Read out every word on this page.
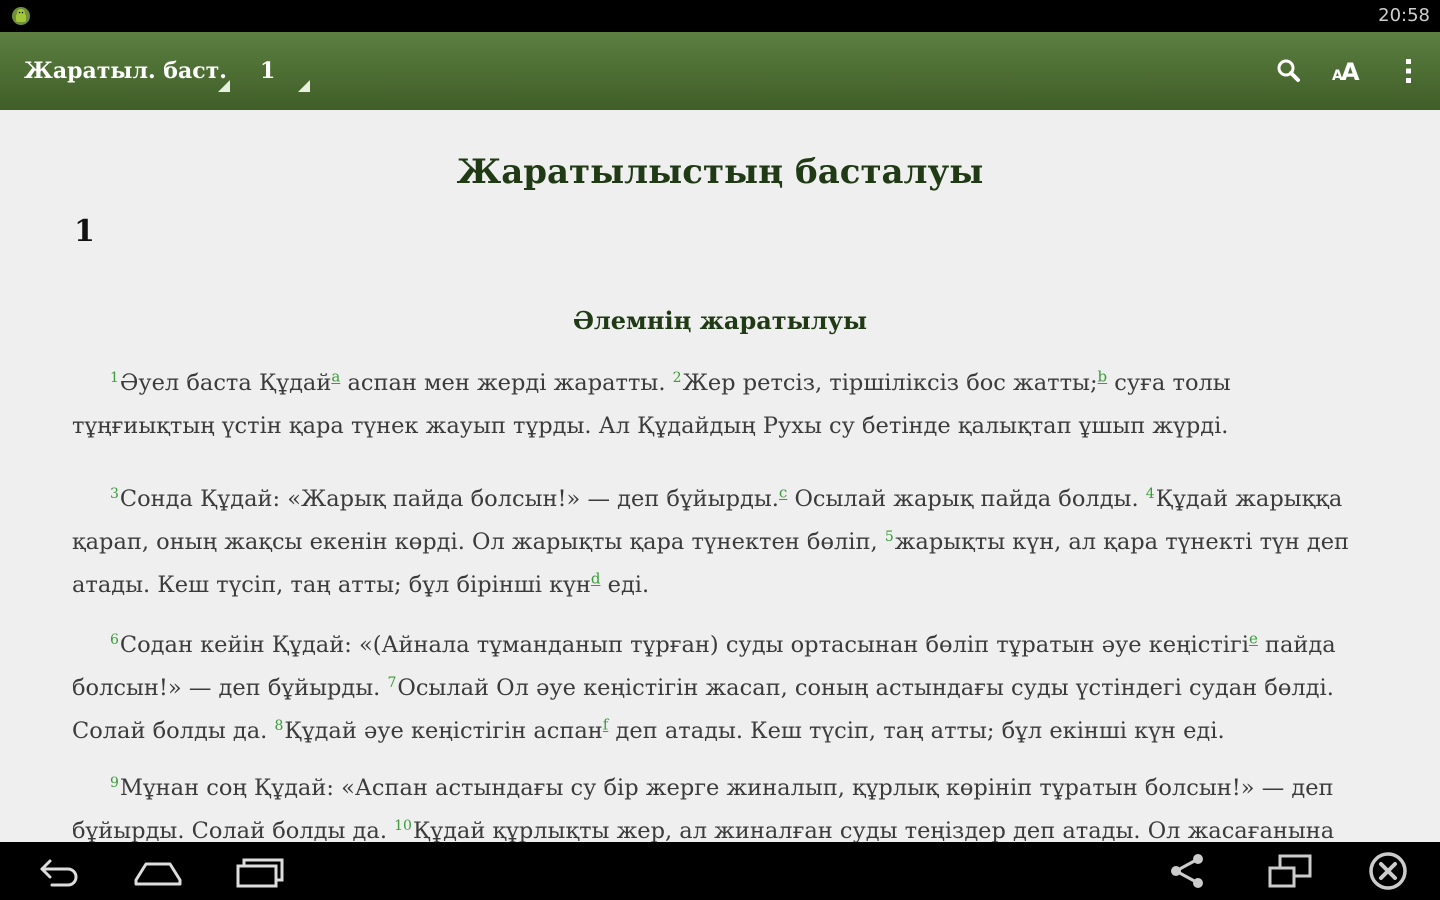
20:58
Жаратыл. баст.	1	A
A
Жаратылыстың басталуы
1
Әлемнің жаратылуы

$^1$Әуел баста Құдай$^a$ аспан мен жерді жаратты. $^2$Жер ретсіз, тіршіліксіз бос жатты;$^b$ суға толы тұңғиықтың үстін қара түнек жауып тұрды. Ал Құдайдың Рухы су бетінде қалықтап ұшып жүрді.

$^3$Сонда Құдай: «Жарық пайда болсын!» — деп бұйырды.$^c$ Осылай жарық пайда болды. $^4$Құдай жарыққа қарап, оның жақсы екенін көрді. Ол жарықты қара түнектен бөліп, $^5$жарықты күн, ал қара түнекті түн деп атады. Кеш түсіп, таң атты; бұл бірінші күн$^d$ еді.

$^6$Содан кейін Құдай: «(Айнала тұманданып тұрған) суды ортасынан бөліп тұратын әуе кеңістігі$^e$ пайда болсын!» — деп бұйырды. $^7$Осылай Ол әуе кеңістігін жасап, соның астындағы суды үстіндегі судан бөлді. Солай болды да. $^8$Құдай әуе кеңістігін аспан$^f$ деп атады. Кеш түсіп, таң атты; бұл екінші күн еді.

$^9$Мұнан соң Құдай: «Аспан астындағы су бір жерге жиналып, құрлық көрініп тұратын болсын!» — деп бұйырды. Солай болды да. $^{10}$Құдай құрлықты жер, ал жиналған суды теңіздер деп атады. Ол жасағанына
